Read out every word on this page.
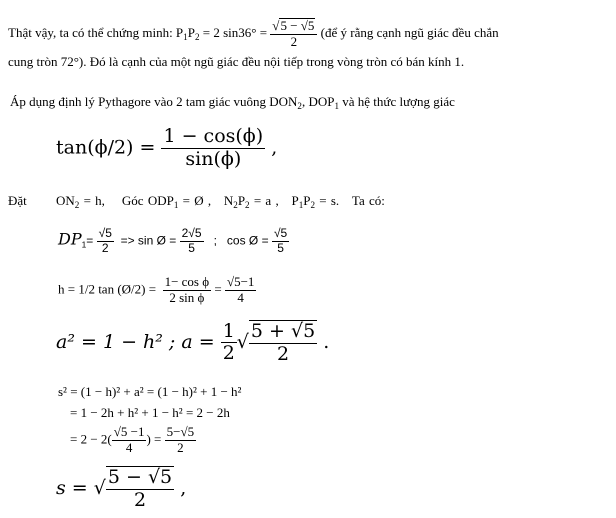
Thật vậy, ta có thể chứng minh: $P_1P_2 = 2$ $\sin 36^\circ = \frac{√5 - √5}{2}$ (để ý rằng cạnh ngũ giác đều chắn
cung tròn 72°). Đó là cạnh của một ngũ giác đều nội tiếp trong vòng tròn có bán kính 1.
Áp dụng định lý Pythagore vào 2 tam giác vuông $DON_2$, $DOP_1$ và hệ thức lượng giác
$\tan(\phi/2) = \frac{1 - \cos(\phi)}{\sin(\phi)}$ ,
Đặt $ON_2 = h$, Góc $ODP_1$ = Ø , $N_2P_2 = a$ , $P_1P_2 = s$. Ta có:
$DP_1= \frac{√5}{2} => \sin$ Ø = $\frac{2√5}{5}$ ; cos Ø = $\frac{√5}{5}$
h = 1/2 tan (Ø/2) = $\frac{\text{1− cos ϕ}}{\text{2 sin ϕ}} = \frac{√5-1}{4}$
a² = 1 − h² ; $a = \frac{1}{2}$ √ $\frac{5 + √5}{2}$ .
s² = (1 − h)² + a² = (1 − h)² + 1 − h²
= 1 − 2h + h² + 1 − h² = 2 − 2h
= $2 - 2( \frac{√5 -1}{4}$ ) = $\frac{5-√5}{2}$
s = √ $\frac{5 - √5}{2}$ ,
